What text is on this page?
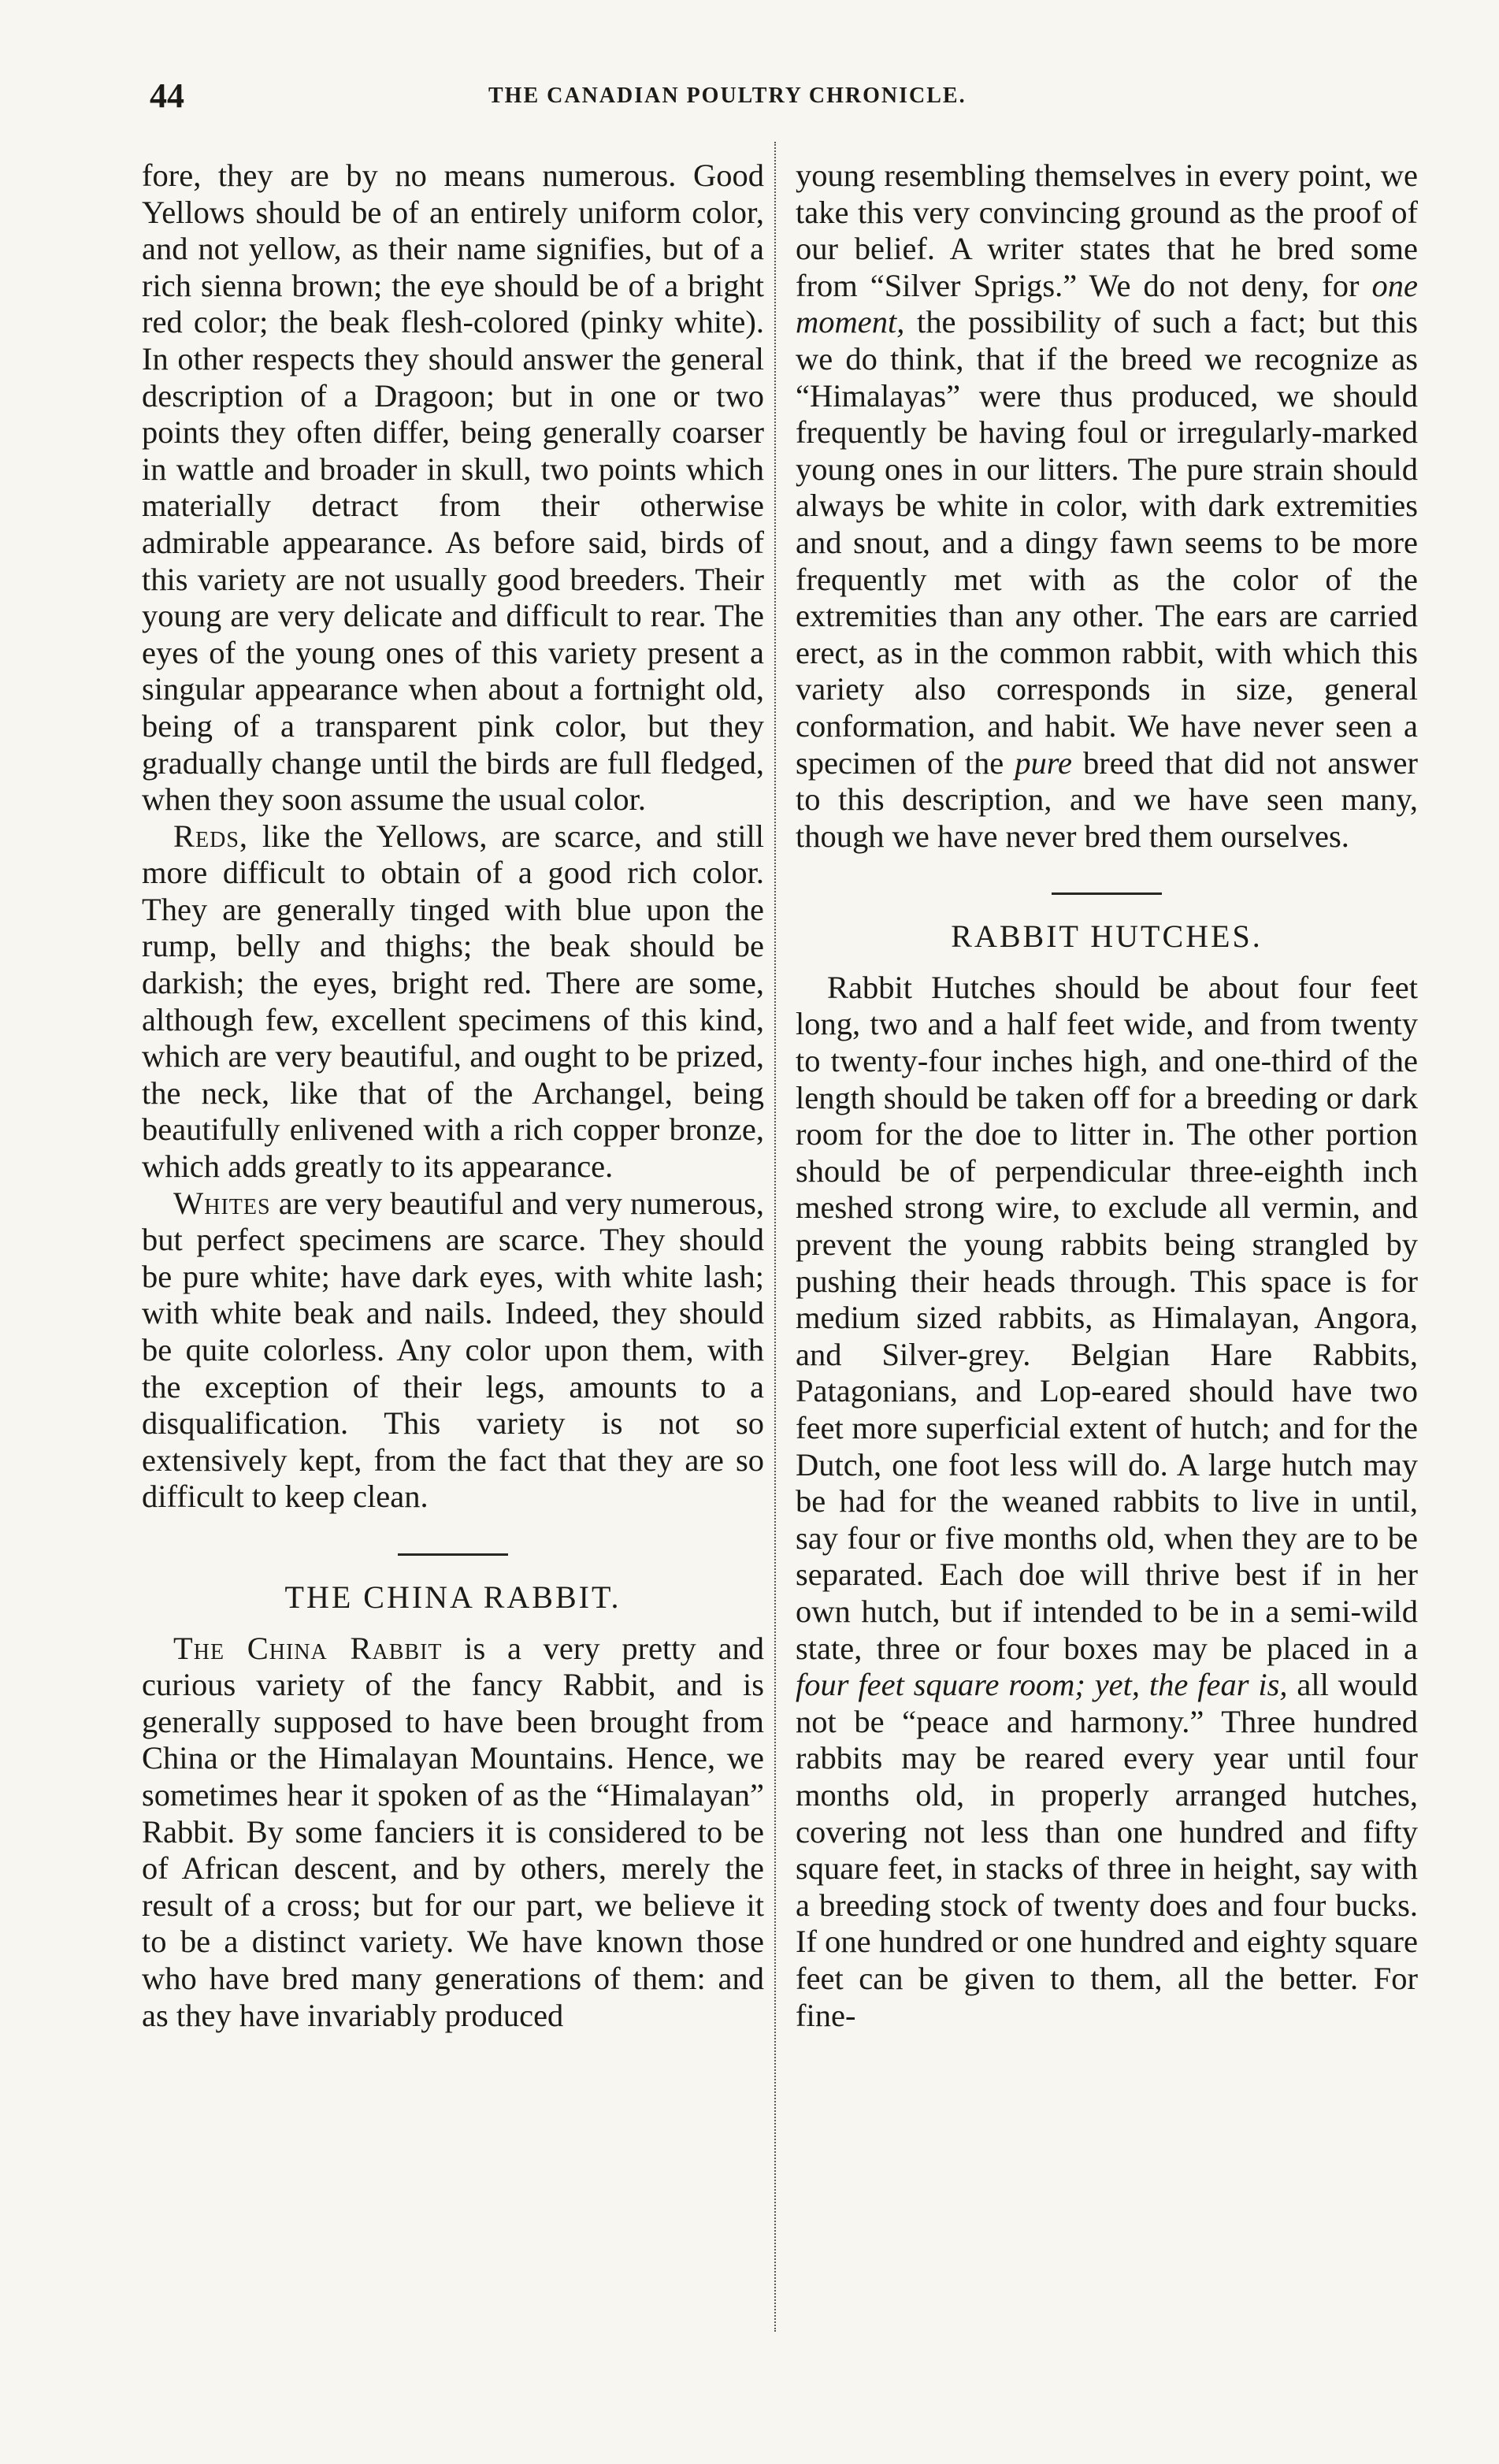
44	THE CANADIAN POULTRY CHRONICLE.

fore, they are by no means numerous. Good Yellows should be of an entirely uniform color, and not yellow, as their name signifies, but of a rich sienna brown; the eye should be of a bright red color; the beak flesh-colored (pinky white). In other respects they should answer the general description of a Dragoon; but in one or two points they often differ, being generally coarser in wattle and broader in skull, two points which materially detract from their otherwise admirable appearance. As before said, birds of this variety are not usually good breeders. Their young are very delicate and difficult to rear. The eyes of the young ones of this variety present a singular appearance when about a fortnight old, being of a transparent pink color, but they gradually change until the birds are full fledged, when they soon assume the usual color.

Reds, like the Yellows, are scarce, and still more difficult to obtain of a good rich color. They are generally tinged with blue upon the rump, belly and thighs; the beak should be darkish; the eyes, bright red. There are some, although few, excellent specimens of this kind, which are very beautiful, and ought to be prized, the neck, like that of the Archangel, being beautifully enlivened with a rich copper bronze, which adds greatly to its appearance.

Whites are very beautiful and very numerous, but perfect specimens are scarce. They should be pure white; have dark eyes, with white lash; with white beak and nails. Indeed, they should be quite colorless. Any color upon them, with the exception of their legs, amounts to a disqualification. This variety is not so extensively kept, from the fact that they are so difficult to keep clean.

THE CHINA RABBIT.

The China Rabbit is a very pretty and curious variety of the fancy Rabbit, and is generally supposed to have been brought from China or the Himalayan Mountains. Hence, we sometimes hear it spoken of as the “Himalayan” Rabbit. By some fanciers it is considered to be of African descent, and by others, merely the result of a cross; but for our part, we believe it to be a distinct variety. We have known those who have bred many generations of them: and as they have invariably produced

young resembling themselves in every point, we take this very convincing ground as the proof of our belief. A writer states that he bred some from “Silver Sprigs.” We do not deny, for one moment, the possibility of such a fact; but this we do think, that if the breed we recognize as “Himalayas” were thus produced, we should frequently be having foul or irregularly-marked young ones in our litters. The pure strain should always be white in color, with dark extremities and snout, and a dingy fawn seems to be more frequently met with as the color of the extremities than any other. The ears are carried erect, as in the common rabbit, with which this variety also corresponds in size, general conformation, and habit. We have never seen a specimen of the pure breed that did not answer to this description, and we have seen many, though we have never bred them ourselves.

RABBIT HUTCHES.

Rabbit Hutches should be about four feet long, two and a half feet wide, and from twenty to twenty-four inches high, and one-third of the length should be taken off for a breeding or dark room for the doe to litter in. The other portion should be of perpendicular three-eighth inch meshed strong wire, to exclude all vermin, and prevent the young rabbits being strangled by pushing their heads through. This space is for medium sized rabbits, as Himalayan, Angora, and Silver-grey. Belgian Hare Rabbits, Patagonians, and Lop-eared should have two feet more superficial extent of hutch; and for the Dutch, one foot less will do. A large hutch may be had for the weaned rabbits to live in until, say four or five months old, when they are to be separated. Each doe will thrive best if in her own hutch, but if intended to be in a semi-wild state, three or four boxes may be placed in a four feet square room; yet, the fear is, all would not be “peace and harmony.” Three hundred rabbits may be reared every year until four months old, in properly arranged hutches, covering not less than one hundred and fifty square feet, in stacks of three in height, say with a breeding stock of twenty does and four bucks. If one hundred or one hundred and eighty square feet can be given to them, all the better. For fine-
